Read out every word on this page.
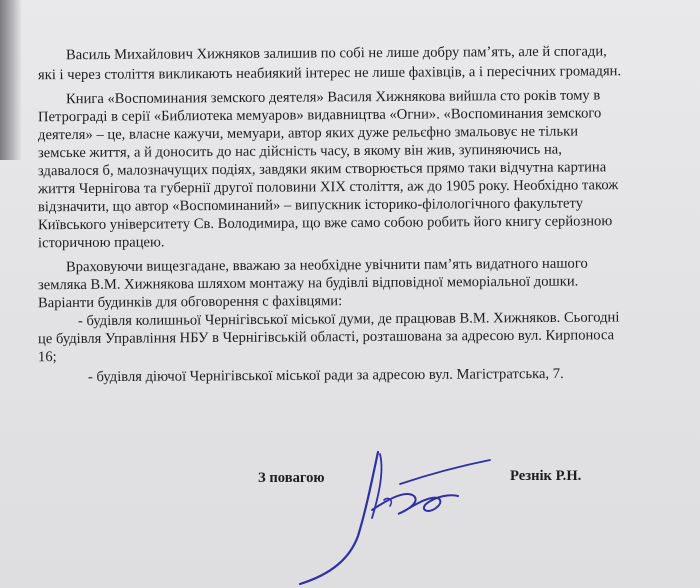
Василь Михайлович Хижняков залишив по собі не лише добру пам’ять, але й спогади,
які і через століття викликають неабиякий інтерес не лише фахівців, а і пересічних громадян.
Книга «Воспоминания земского деятеля» Василя Хижнякова вийшла сто років тому в
Петрограді в серії «Библиотека мемуаров» видавництва «Огни». «Воспоминания земского
деятеля» – це, власне кажучи, мемуари, автор яких дуже рельєфно змальовує не тільки
земське життя, а й доносить до нас дійсність часу, в якому він жив, зупиняючись на,
здавалося б, малозначущих подіях, завдяки яким створюється прямо таки відчутна картина
життя Чернігова та губернії другої половини XIX століття, аж до 1905 року. Необхідно також
відзначити, що автор «Воспоминаний» – випускник історико-філологічного факультету
Київського університету Св. Володимира, що вже само собою робить його книгу серйозною
історичною працею.
Враховуючи вищезгадане, вважаю за необхідне увічнити пам’ять видатного нашого
земляка В.М. Хижнякова шляхом монтажу на будівлі відповідної меморіальної дошки.
Варіанти будинків для обговорення с фахівцями:
- будівля колишньої Чернігівської міської думи, де працював В.М. Хижняков. Сьогодні
це будівля Управління НБУ в Чернігівській області, розташована за адресою вул. Кирпоноса
16;
- будівля діючої Чернігівської міської ради за адресою вул. Магістратська, 7.
З повагою	Резнік Р.Н.
